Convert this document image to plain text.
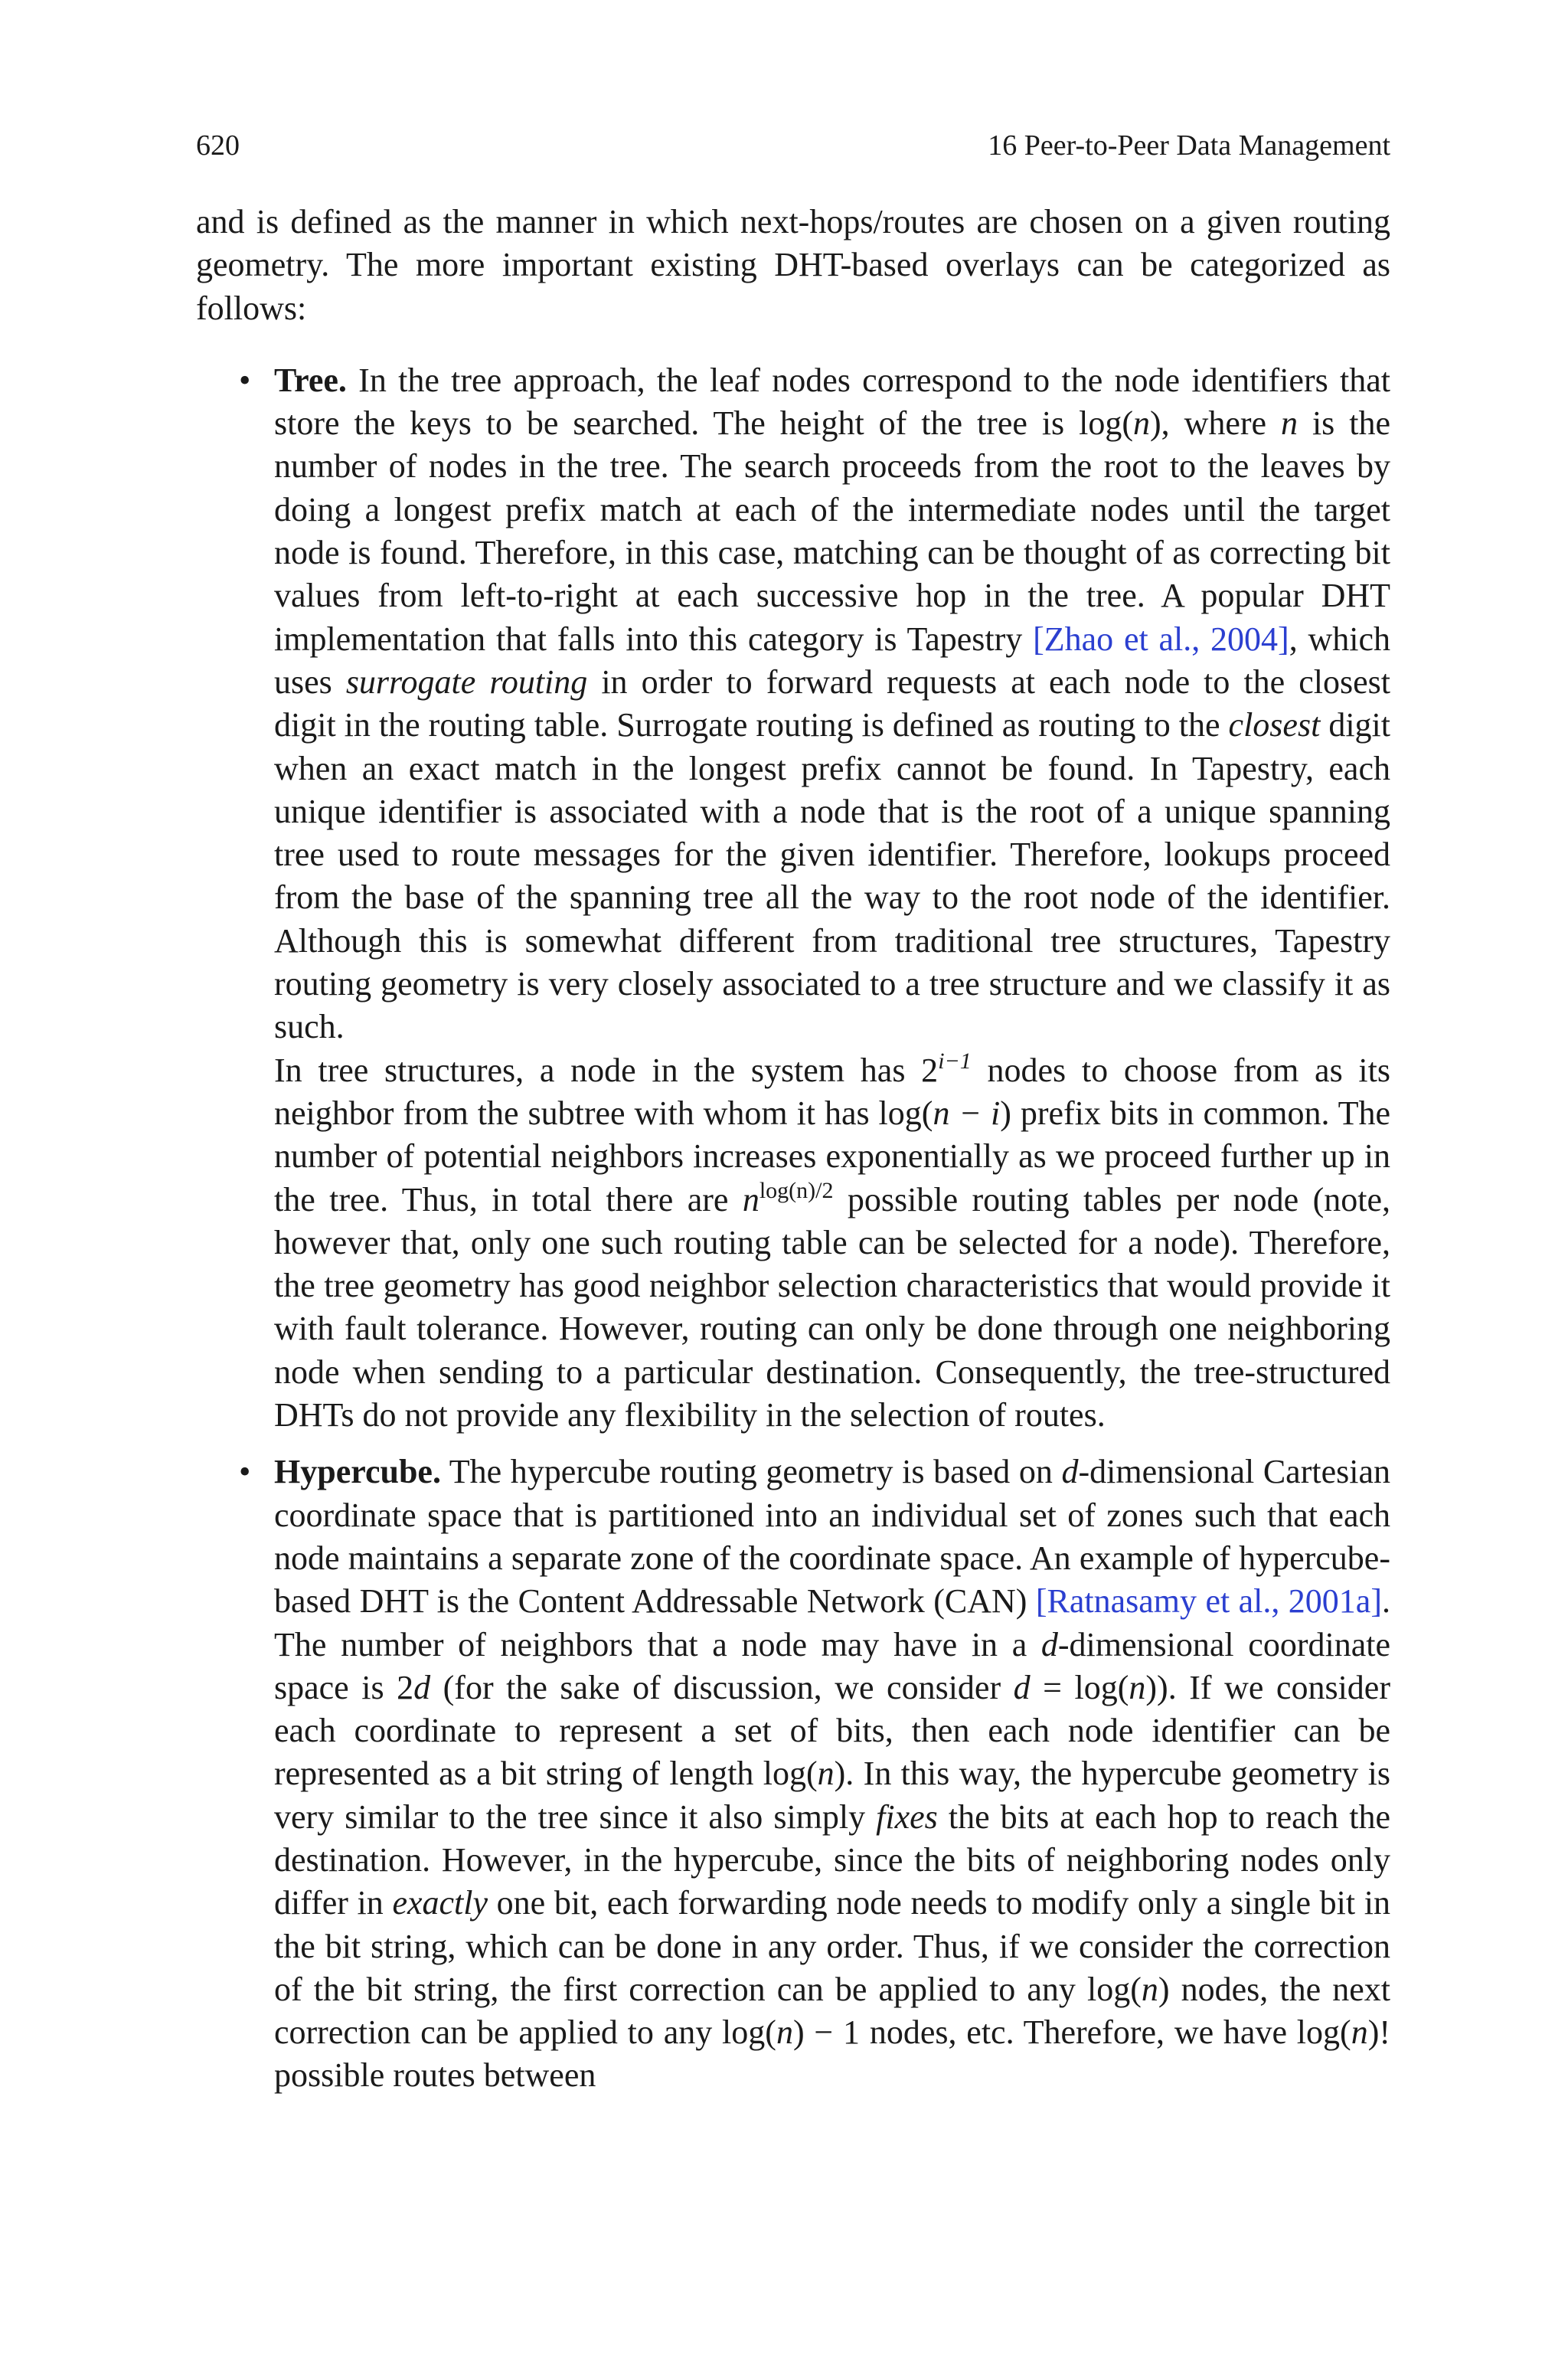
620	16 Peer-to-Peer Data Management

and is defined as the manner in which next-hops/routes are chosen on a given routing geometry. The more important existing DHT-based overlays can be categorized as follows:

• Tree. In the tree approach, the leaf nodes correspond to the node identifiers that store the keys to be searched. The height of the tree is log(n), where n is the number of nodes in the tree. The search proceeds from the root to the leaves by doing a longest prefix match at each of the intermediate nodes until the target node is found. Therefore, in this case, matching can be thought of as correcting bit values from left-to-right at each successive hop in the tree. A popular DHT implementation that falls into this category is Tapestry [Zhao et al., 2004], which uses surrogate routing in order to forward requests at each node to the closest digit in the routing table. Surrogate routing is defined as routing to the closest digit when an exact match in the longest prefix cannot be found. In Tapestry, each unique identifier is associated with a node that is the root of a unique spanning tree used to route messages for the given identifier. Therefore, lookups proceed from the base of the spanning tree all the way to the root node of the identifier. Although this is somewhat different from traditional tree structures, Tapestry routing geometry is very closely associated to a tree structure and we classify it as such.

In tree structures, a node in the system has $2^{i-1}$ nodes to choose from as its neighbor from the subtree with whom it has log(n − i) prefix bits in common. The number of potential neighbors increases exponentially as we proceed further up in the tree. Thus, in total there are $n^{log(n)/2}$ possible routing tables per node (note, however that, only one such routing table can be selected for a node). Therefore, the tree geometry has good neighbor selection characteristics that would provide it with fault tolerance. However, routing can only be done through one neighboring node when sending to a particular destination. Consequently, the tree-structured DHTs do not provide any flexibility in the selection of routes.

• Hypercube. The hypercube routing geometry is based on d-dimensional Cartesian coordinate space that is partitioned into an individual set of zones such that each node maintains a separate zone of the coordinate space. An example of hypercube-based DHT is the Content Addressable Network (CAN) [Ratnasamy et al., 2001a]. The number of neighbors that a node may have in a d-dimensional coordinate space is 2d (for the sake of discussion, we consider d = log(n)). If we consider each coordinate to represent a set of bits, then each node identifier can be represented as a bit string of length log(n). In this way, the hypercube geometry is very similar to the tree since it also simply fixes the bits at each hop to reach the destination. However, in the hypercube, since the bits of neighboring nodes only differ in exactly one bit, each forwarding node needs to modify only a single bit in the bit string, which can be done in any order. Thus, if we consider the correction of the bit string, the first correction can be applied to any log(n) nodes, the next correction can be applied to any log(n) − 1 nodes, etc. Therefore, we have log(n)! possible routes between
